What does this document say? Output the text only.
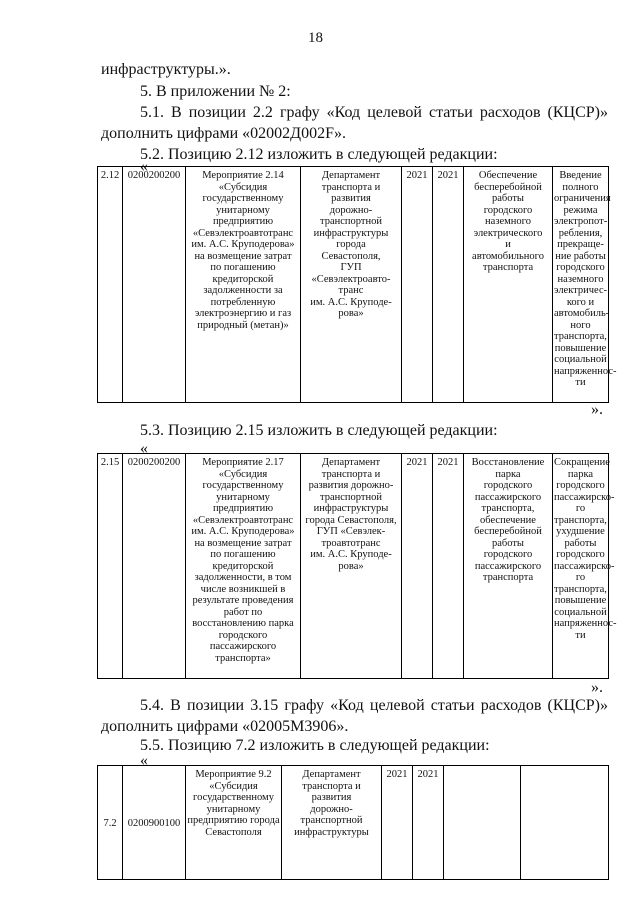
18
инфраструктуры.».
5. В приложении № 2:
5.1. В позиции 2.2 графу «Код целевой статьи расходов (КЦСР)»
дополнить цифрами «02002Д002F».
5.2. Позицию 2.12 изложить в следующей редакции:
«
2.12	0200200200	Мероприятие 2.14
«Субсидия
государственному
унитарному
предприятию
«Севэлектроавтотранс
им. А.С. Круподерова»
на возмещение затрат
по погашению
кредиторской
задолженности за
потребленную
электроэнергию и газ
природный (метан)»	Департамент
транспорта и
развития
дорожно-
транспортной
инфраструктуры
города
Севастополя,
ГУП
«Севэлектроавто-
транс
им. А.С. Круподе-
рова»	2021	2021	Обеспечение
бесперебойной
работы
городского
наземного
электрического
и
автомобильного
транспорта	Введение
полного
ограничения
режима
электропот-
ребления,
прекраще-
ние работы
городского
наземного
электричес-
кого и
автомобиль-
ного
транспорта,
повышение
социальной
напряженнос-
ти
».
5.3. Позицию 2.15 изложить в следующей редакции:
«
2.15	0200200200	Мероприятие 2.17
«Субсидия
государственному
унитарному
предприятию
«Севэлектроавтотранс
им. А.С. Круподерова»
на возмещение затрат
по погашению
кредиторской
задолженности, в том
числе возникшей в
результате проведения
работ по
восстановлению парка
городского
пассажирского
транспорта»	Департамент
транспорта и
развития дорожно-
транспортной
инфраструктуры
города Севастополя,
ГУП «Севэлек-
троавтотранс
им. А.С. Круподе-
рова»	2021	2021	Восстановление
парка
городского
пассажирского
транспорта,
обеспечение
бесперебойной
работы
городского
пассажирского
транспорта	Сокращение
парка
городского
пассажирско-
го
транспорта,
ухудшение
работы
городского
пассажирско-
го
транспорта,
повышение
социальной
напряженнос-
ти
».
5.4. В позиции 3.15 графу «Код целевой статьи расходов (КЦСР)»
дополнить цифрами «02005М3906».
5.5. Позицию 7.2 изложить в следующей редакции:
«
7.2	0200900100	Мероприятие 9.2
«Субсидия
государственному
унитарному
предприятию города
Севастополя	Департамент
транспорта и
развития
дорожно-
транспортной
инфраструктуры	2021	2021		
